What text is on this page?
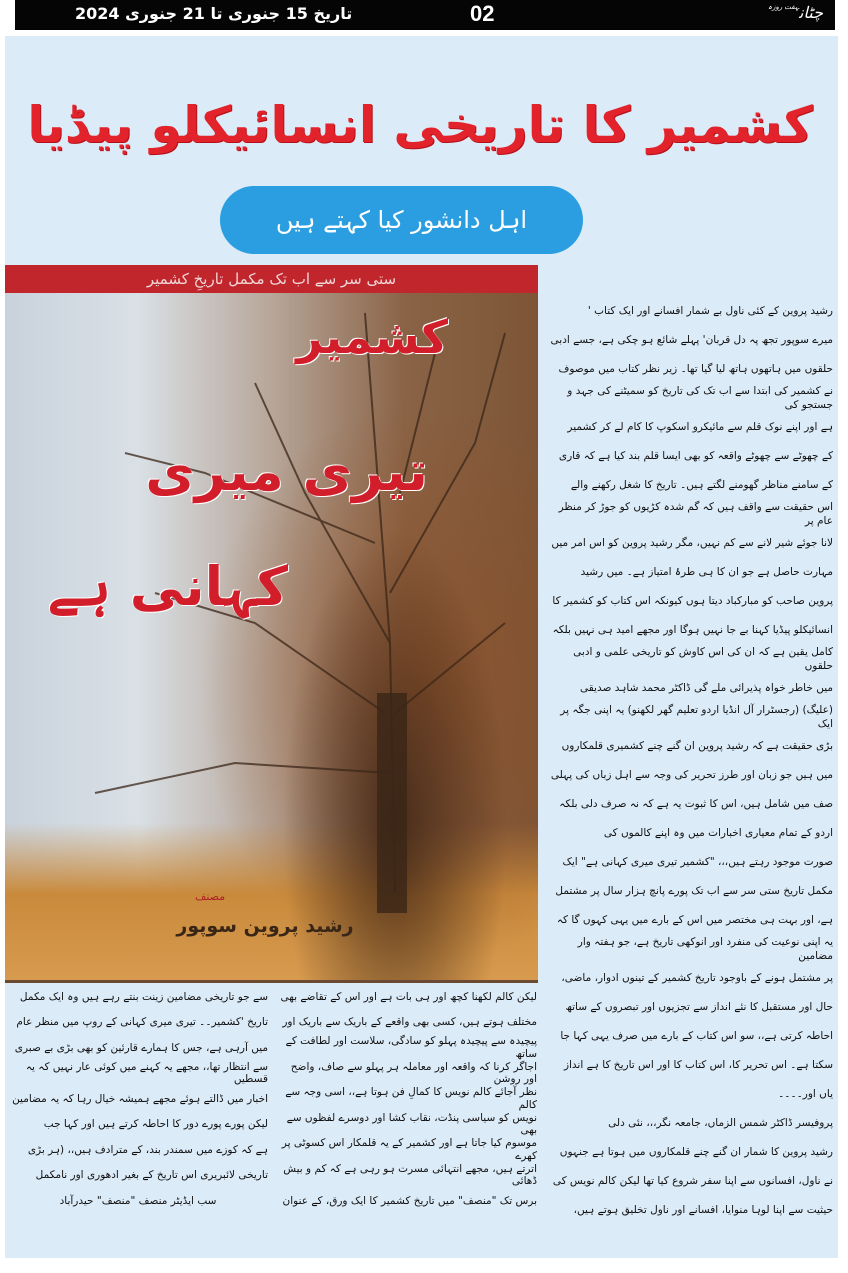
تاریخ 15 جنوری تا 21 جنوری 2024	02	چٹان$^{ہفت روزہ}$
کشمیر کا تاریخی انسائیکلو پیڈیا
اہل دانشور کیا کہتے ہیں
ستی سر سے اب تک مکمل تاریخِ کشمیر
کشمیر
تیری میری
کہانی ہے
مصنف
رشید پروین سوپور
رشید پروین کے کئی ناول بے شمار افسانے اور ایک کتاب '
میرے سوپور تجھ پہ دل قربان' پہلے شائع ہو چکی ہے، جسے ادبی
حلقوں میں ہاتھوں ہاتھ لیا گیا تھا۔ زیر نظر کتاب میں موصوف
نے کشمیر کی ابتدا سے اب تک کی تاریخ کو سمیٹنے کی جہد و جستجو کی
ہے اور اپنے نوک قلم سے مائیکرو اسکوپ کا کام لے کر کشمیر
کے چھوٹے سے چھوٹے واقعہ کو بھی ایسا قلم بند کیا ہے کہ قاری
کے سامنے مناظر گھومنے لگتے ہیں۔ تاریخ کا شغل رکھنے والے
اس حقیقت سے واقف ہیں کہ گم شدہ کڑیوں کو جوڑ کر منظر عام پر
لانا جوئے شیر لانے سے کم نہیں، مگر رشید پروین کو اس امر میں
مہارت حاصل ہے جو ان کا ہی طرۂ امتیاز ہے۔ میں رشید
پروین صاحب کو مبارکباد دیتا ہوں کیونکہ اس کتاب کو کشمیر کا
انسائیکلو پیڈیا کہنا بے جا نہیں ہوگا اور مجھے امید ہی نہیں بلکہ
کامل یقین ہے کہ ان کی اس کاوش کو تاریخی علمی و ادبی حلقوں
میں خاطر خواہ پذیرائی ملے گی ڈاکٹر محمد شاہد صدیقی
(علیگ) (رجسٹرار آل انڈیا اردو تعلیم گھر لکھنو) یہ اپنی جگہ پر ایک
بڑی حقیقت ہے کہ رشید پروین ان گنے چنے کشمیری قلمکاروں
میں ہیں جو زبان اور طرز تحریر کی وجہ سے اہل زباں کی پہلی
صف میں شامل ہیں، اس کا ثبوت یہ ہے کہ نہ صرف دلی بلکہ
اردو کے تمام معیاری اخبارات میں وہ اپنے کالموں کی
صورت موجود رہتے ہیں،،، "کشمیر تیری میری کہانی ہے" ایک
مکمل تاریخ ستی سر سے اب تک پورے پانچ ہزار سال پر مشتمل
ہے، اور بہت ہی مختصر میں اس کے بارے میں یہی کہوں گا کہ
یہ اپنی نوعیت کی منفرد اور انوکھی تاریخ ہے، جو ہفتہ وار مضامین
پر مشتمل ہونے کے باوجود تاریخ کشمیر کے تینوں ادوار، ماضی،
حال اور مستقبل کا نئے انداز سے تجزیوں اور تبصروں کے ساتھ
احاطہ کرتی ہے،، سو اس کتاب کے بارے میں صرف یہی کہا جا
سکتا ہے۔ اس تحریر کا، اس کتاب کا اور اس تاریخ کا ہے انداز
یاں اور۔۔۔۔
پروفیسر ڈاکٹر شمس الزماں، جامعہ نگر،،، نئی دلی
رشید پروین کا شمار ان گنے چنے قلمکاروں میں ہوتا ہے جنہوں
نے ناول، افسانوں سے اپنا سفر شروع کیا تھا لیکن کالم نویس کی
حیثیت سے اپنا لوہا منوایا، افسانے اور ناول تخلیق ہوتے ہیں،
لیکن کالم لکھنا کچھ اور ہی بات ہے اور اس کے تقاضے بھی
مختلف ہوتے ہیں، کسی بھی واقعے کے باریک سے باریک اور
پیچیدہ سے پیچیدہ پہلو کو سادگی، سلاست اور لطافت کے ساتھ
اجاگر کرنا کہ واقعہ اور معاملہ ہر پہلو سے صاف، واضح اور روشن
نظر آجائے کالم نویس کا کمالِ فن ہوتا ہے،، اسی وجہ سے کالم
نویس کو سیاسی پنڈت، نقاب کشا اور دوسرے لفظوں سے بھی
موسوم کیا جاتا ہے اور کشمیر کے یہ قلمکار اس کسوٹی پر کھرے
اترتے ہیں، مجھے انتہائی مسرت ہو رہی ہے کہ کم و بیش ڈھائی
برس تک "منصف" میں تاریخ کشمیر کا ایک ورق، کے عنوان
سے جو تاریخی مضامین زینت بنتے رہے ہیں وہ ایک مکمل
تاریخ 'کشمیر۔۔ تیری میری کہانی کے روپ میں منظر عام
میں آرہی ہے، جس کا ہمارے قارئین کو بھی بڑی بے صبری
سے انتظار تھا،، مجھے یہ کہنے میں کوئی عار نہیں کہ یہ قسطیں
اخبار میں ڈالتے ہوئے مجھے ہمیشہ خیال رہا کہ یہ مضامین
لیکن پورے پورے دور کا احاطہ کرتے ہیں اور کہا جب
ہے کہ کوزے میں سمندر بند، کے مترادف ہیں،، (ہر بڑی
تاریخی لائبریری اس تاریخ کے بغیر ادھوری اور نامکمل
سب ایڈیٹر منصف "منصف" حیدرآباد
